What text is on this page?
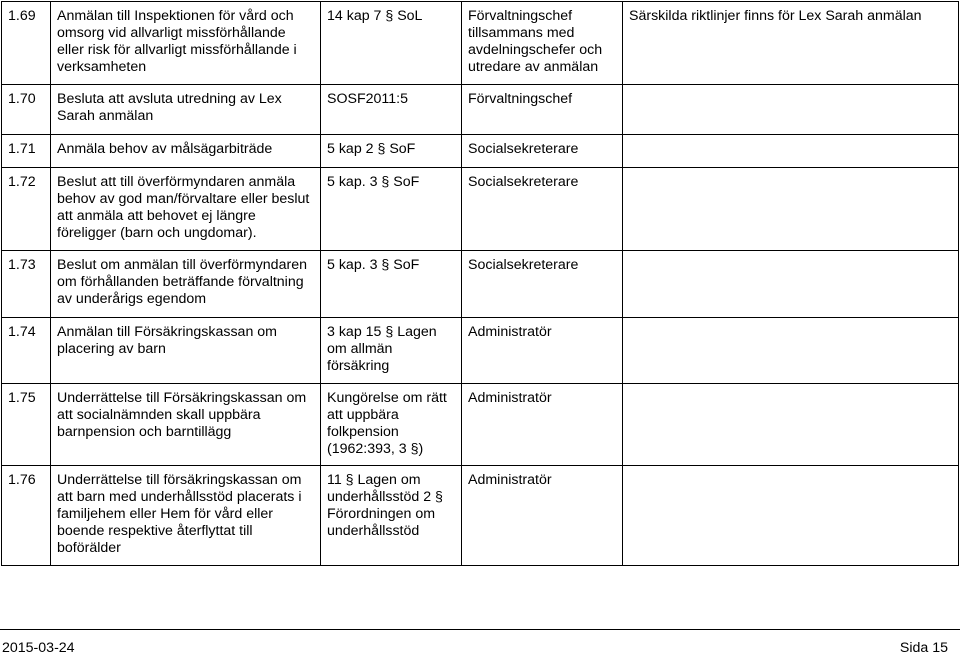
1.69	Anmälan till Inspektionen för vård och omsorg vid allvarligt missförhållande eller risk för allvarligt missförhållande i verksamheten	14 kap 7 § SoL	Förvaltningschef tillsammans med avdelningschefer och utredare av anmälan	Särskilda riktlinjer finns för Lex Sarah anmälan
1.70	Besluta att avsluta utredning av Lex Sarah anmälan	SOSF2011:5	Förvaltningschef	
1.71	Anmäla behov av målsägarbiträde	5 kap 2 § SoF	Socialsekreterare	
1.72	Beslut att till överförmyndaren anmäla behov av god man/förvaltare eller beslut att anmäla att behovet ej längre föreligger (barn och ungdomar).	5 kap. 3 § SoF	Socialsekreterare	
1.73	Beslut om anmälan till överförmyndaren om förhållanden beträffande förvaltning av underårigs egendom	5 kap. 3 § SoF	Socialsekreterare	
1.74	Anmälan till Försäkringskassan om placering av barn	3 kap 15 § Lagen om allmän försäkring	Administratör	
1.75	Underrättelse till Försäkringskassan om att socialnämnden skall uppbära barnpension och barntillägg	Kungörelse om rätt att uppbära folkpension (1962:393, 3 §)	Administratör	
1.76	Underrättelse till försäkringskassan om att barn med underhållsstöd placerats i familjehem eller Hem för vård eller boende respektive återflyttat till boförälder	11 § Lagen om underhållsstöd 2 § Förordningen om underhållsstöd	Administratör	
2015-03-24	Sida 15
